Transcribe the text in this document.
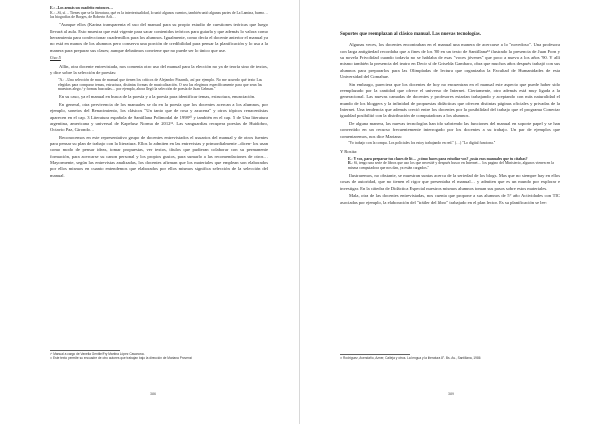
E.: –Los armás un cuadrito entonces…
K.: –Sí, sí… Tienes que se la literatura, qué es la intertextualidad, lo unió algunos cuentos, también unió algunas partes de La Lamina, bueno… las biografías de Borges, de Roberto Arlt…

"Aunque ellos (Karina transparenta el uso del manual para su propio estudio de cuestiones teóricas que luego llevará al aula. Esto muestra que está vigente para sacar contenidos teóricos para guiarla y que además lo valora como herramienta para confeccionar cuadernillos para los alumnos. Igualmente, como decía el docente anterior el manual ya no está en manos de los alumnos pero conserva una porción de credibilidad para pensar la planificación y lo usa a la manera para preparar sus clases; aunque debatimos conviene que no puede ser lo único que use.

Uso 5

Allín, otra docente entrevistada, nos comenta otro uso del manual para la elección no ya de teoría sino de textos, y dice sobre la selección de poesías:

"A.: –Una selección de mas de manual que tienen los críticos de Alejandro Pizarnik, así por ejemplo. No me acuerdo qué texto Las elegidas para comparar temas, estructura, distintas formas de musicalización. O sea las elegimos específicamente para que sean las muestras alego / y formas buscadas… por ejemplo, ahora llegó la selección de poesía de Juan Gelman."

En su caso, ya el manual en busca de la poesía y a la poesía para identificar temas, estructura, enunciación.

En general, otra pervivencia de los manuales se da en la poesía que los docentes acercan a los alumnos, por ejemplo, sonetos del Renacimiento, los clásicos "Un tanto que de rosa y azucena" y otros tópicos renacentistas aparecen en el cap. 3 Literatura española de Santillana Polimodal de 1998¹⁰ y también en el cap. 5 de Una literatura argentina, americana y universal de Kapelusz Norma de 2012¹¹. Las vanguardias recupera poesías de Huidobro, Octavio Paz, Girondo…

Reconocemos en este representativo grupo de docentes entrevistados el usuarios del manual y de otros fuentes para pensar su plan de trabajo con la literatura. Ellos lo admiten en las entrevistas y primordialmente –dicen- los usan como modo de pensar ideas, tomar propuestas, ver textos, títulos que pudieran colaborar con su permanente formación, para acercarse su canon personal y los propios gustos, para sumarlo a las recomendaciones de otros… Mayormente, según las entrevistas analizadas, los docentes afirman que los materiales que emplean son elaborados por ellos mismos en cuanto entendemos que elaborados por ellos mismos significa selección de la selección del manual.

¹⁰ Manual a cargo de Vanella Gentile/Fry Martina López Casanova.
¹¹ Este texto permite su encuadre de otro autores que trabajan bajo la dirección de Mariana Provenzi
386
Soportes que reemplazan al clásico manual. Las nuevas tecnologías.

Algunas veces, los docentes encontraban en el manual una manera de acercarse a lo "novedoso". Una profesora con larga antigüedad recordaba que a fines de los '80 en un texto de Santillana¹² ilustrado la presencia de Juan Forn y su novela Frivolidad cuando todavía no se hablaba de esas "voces jóvenes" que poco a nueva a los años '90. Y allí mismo también la presencia del teatro en Decir sí de Griselda Gambaro, obra que muchos años después trabajó con sus alumnos para prepararlos para las Olimpíadas de lectura que organizaba la Facultad de Humanidades de esta Universidad del Comahue.

Sin embargo, pareciera que los docentes de hoy no encuentran en el manual este aspecto que puede haber sido reemplazado por la cantidad que ofrece el universo de Internet. Ciertamente, otro además está muy ligada a la generacional. Las nuevas camadas de docentes y profesores estarían trabajando y aceptando con más naturalidad el mundo de los bloggers y la infinidad de propuestas didácticas que ofrecen distintas páginas oficiales y privadas de la Internet. Una tendencia que además creció entre los docentes por la posibilidad del trabajo que el programa Conectar igualdad posibilitó con la distribución de computadoras a los alumnos.

De alguna manera, las nuevas tecnologías han ido sabriendo las funciones del manual en soporte papel y se han convertido en un recurso frecuentemente interrogado por los docentes a su trabajo. Un par de ejemplos que comentaremos, nos dice Mariana:

"Yo trabajo con la compu. Los policiales los estoy trabajando en red." (…) "Lo digital funciona."

Y Rosita:

E.: Y vos, para preparar tus clases de lit… ¿cómo haces para estudiar vos? ¿usás esos manuales que tu citabas?
R.: Sí, tengo una serie de libros que uso los que necesité y después busco en Internet… los pagino del Ministerio, algunos vienen en la misma computadora que nos dan, ya están cargados."

Ilustraremos, no obstante, se muestran suntas acerca de la seriedad de los blogs. Mas que no siempre hay en ellos cosas de autoridad, que no tienen el rigor que presentaba el manual… y admiten que es un mundo por explorar e investigar. En la cátedra de Didáctica Especial nuestros mismos alumnos toman sus pasos sobre estos materiales.

Mala, otra de las docentes entrevistadas, nos cuenta que propone a sus alumnos de 5° año Actividades con TIC asociadas por ejemplo, la elaboración del "tráiler del libro" trabajado en el plan lector. Es su planificación se lee:

¹² Rodríguez, Avendaño, Azner, Calleja y otros. La lengua y la literatura 8°. Bs. As., Santillana, 1986
389
